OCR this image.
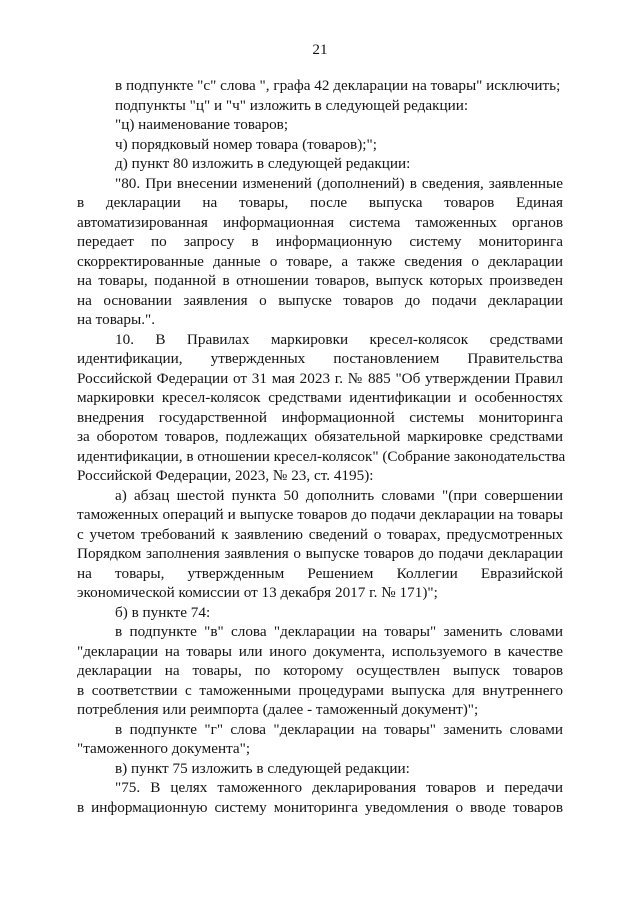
21
в подпункте "с" слова ", графа 42 декларации на товары" исключить;
подпункты "ц" и "ч" изложить в следующей редакции:
"ц) наименование товаров;
ч) порядковый номер товара (товаров);";
д) пункт 80 изложить в следующей редакции:
"80. При внесении изменений (дополнений) в сведения, заявленные
в декларации на товары, после выпуска товаров Единая
автоматизированная информационная система таможенных органов
передает по запросу в информационную систему мониторинга
скорректированные данные о товаре, а также сведения о декларации
на товары, поданной в отношении товаров, выпуск которых произведен
на основании заявления о выпуске товаров до подачи декларации
на товары.".
10. В Правилах маркировки кресел-колясок средствами
идентификации, утвержденных постановлением Правительства
Российской Федерации от 31 мая 2023 г. № 885 "Об утверждении Правил
маркировки кресел-колясок средствами идентификации и особенностях
внедрения государственной информационной системы мониторинга
за оборотом товаров, подлежащих обязательной маркировке средствами
идентификации, в отношении кресел-колясок" (Собрание законодательства
Российской Федерации, 2023, № 23, ст. 4195):
а) абзац шестой пункта 50 дополнить словами "(при совершении
таможенных операций и выпуске товаров до подачи декларации на товары
с учетом требований к заявлению сведений о товарах, предусмотренных
Порядком заполнения заявления о выпуске товаров до подачи декларации
на товары, утвержденным Решением Коллегии Евразийской
экономической комиссии от 13 декабря 2017 г. № 171)";
б) в пункте 74:
в подпункте "в" слова "декларации на товары" заменить словами
"декларации на товары или иного документа, используемого в качестве
декларации на товары, по которому осуществлен выпуск товаров
в соответствии с таможенными процедурами выпуска для внутреннего
потребления или реимпорта (далее - таможенный документ)";
в подпункте "г" слова "декларации на товары" заменить словами
"таможенного документа";
в) пункт 75 изложить в следующей редакции:
"75. В целях таможенного декларирования товаров и передачи
в информационную систему мониторинга уведомления о вводе товаров
